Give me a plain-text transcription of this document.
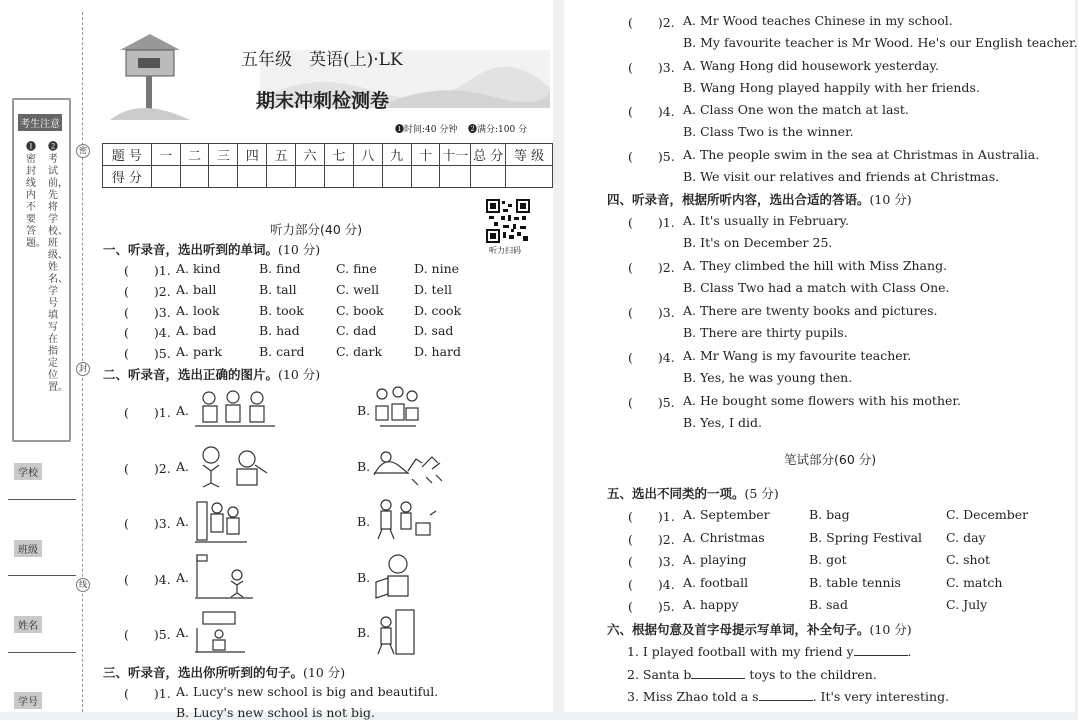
考生注意
❷考试前，先将学校、班级、姓名、学号填写在指定位置。
❶密封线内不要答题。
学校
班级
姓名
学号
密
封
线
五年级　英语(上)·LK
期末冲刺检测卷
❶时间:40 分钟 ❷满分:100 分
题 号	一	二	三	四	五	六	七	八	九	十	十一	总 分	等 级
得 分													
听力扫码
听力部分(40 分)
一、听录音，选出听到的单词。(10 分)
(　　)1. A. kind	B. find	C. fine	D. nine
(　　)2. A. ball	B. tall	C. well	D. tell
(　　)3. A. look	B. took	C. book D. cook
(　　)4. A. bad	B. had	C. dad	D. sad
(　　)5. A. park	B. card	C. dark	D. hard
二、听录音，选出正确的图片。(10 分)
(　　)1. A.	B.
(　　)2. A.	B.
(　　)3. A.	B.
(　　)4. A.	B.
(　　)5. A.	B.
三、听录音，选出你所听到的句子。(10 分)
(　　)1. A. Lucy's new school is big and beautiful.
B. Lucy's new school is not big.
(　　)2. A. Mr Wood teaches Chinese in my school.
B. My favourite teacher is Mr Wood. He's our English teacher.
(　　)3. A. Wang Hong did housework yesterday.
B. Wang Hong played happily with her friends.
(　　)4. A. Class One won the match at last.
B. Class Two is the winner.
(　　)5. A. The people swim in the sea at Christmas in Australia.
B. We visit our relatives and friends at Christmas.
(　　)1. A. It's usually in February.
B. It's on December 25.
(　　)2. A. They climbed the hill with Miss Zhang.
B. Class Two had a match with Class One.
(　　)3. A. There are twenty books and pictures.
B. There are thirty pupils.
(　　)4. A. Mr Wang is my favourite teacher.
B. Yes, he was young then.
(　　)5. A. He bought some flowers with his mother.
B. Yes, I did.
(　　)1. A. September	B. bag	C. December
(　　)2. A. Christmas	B. Spring Festival C. day
(　　)3. A. playing	B. got	C. shot
(　　)4. A. football	B. table tennis	C. match
(　　)5. A. happy	B. sad	C. July
1. I played football with my friend y	.
2. Santa b	toys to the children.
3. Miss Zhao told a s	. It's very interesting.
四、听录音，根据所听内容，选出合适的答语。(10 分)
笔试部分(60 分)
五、选出不同类的一项。(5 分)
六、根据句意及首字母提示写单词，补全句子。(10 分)
